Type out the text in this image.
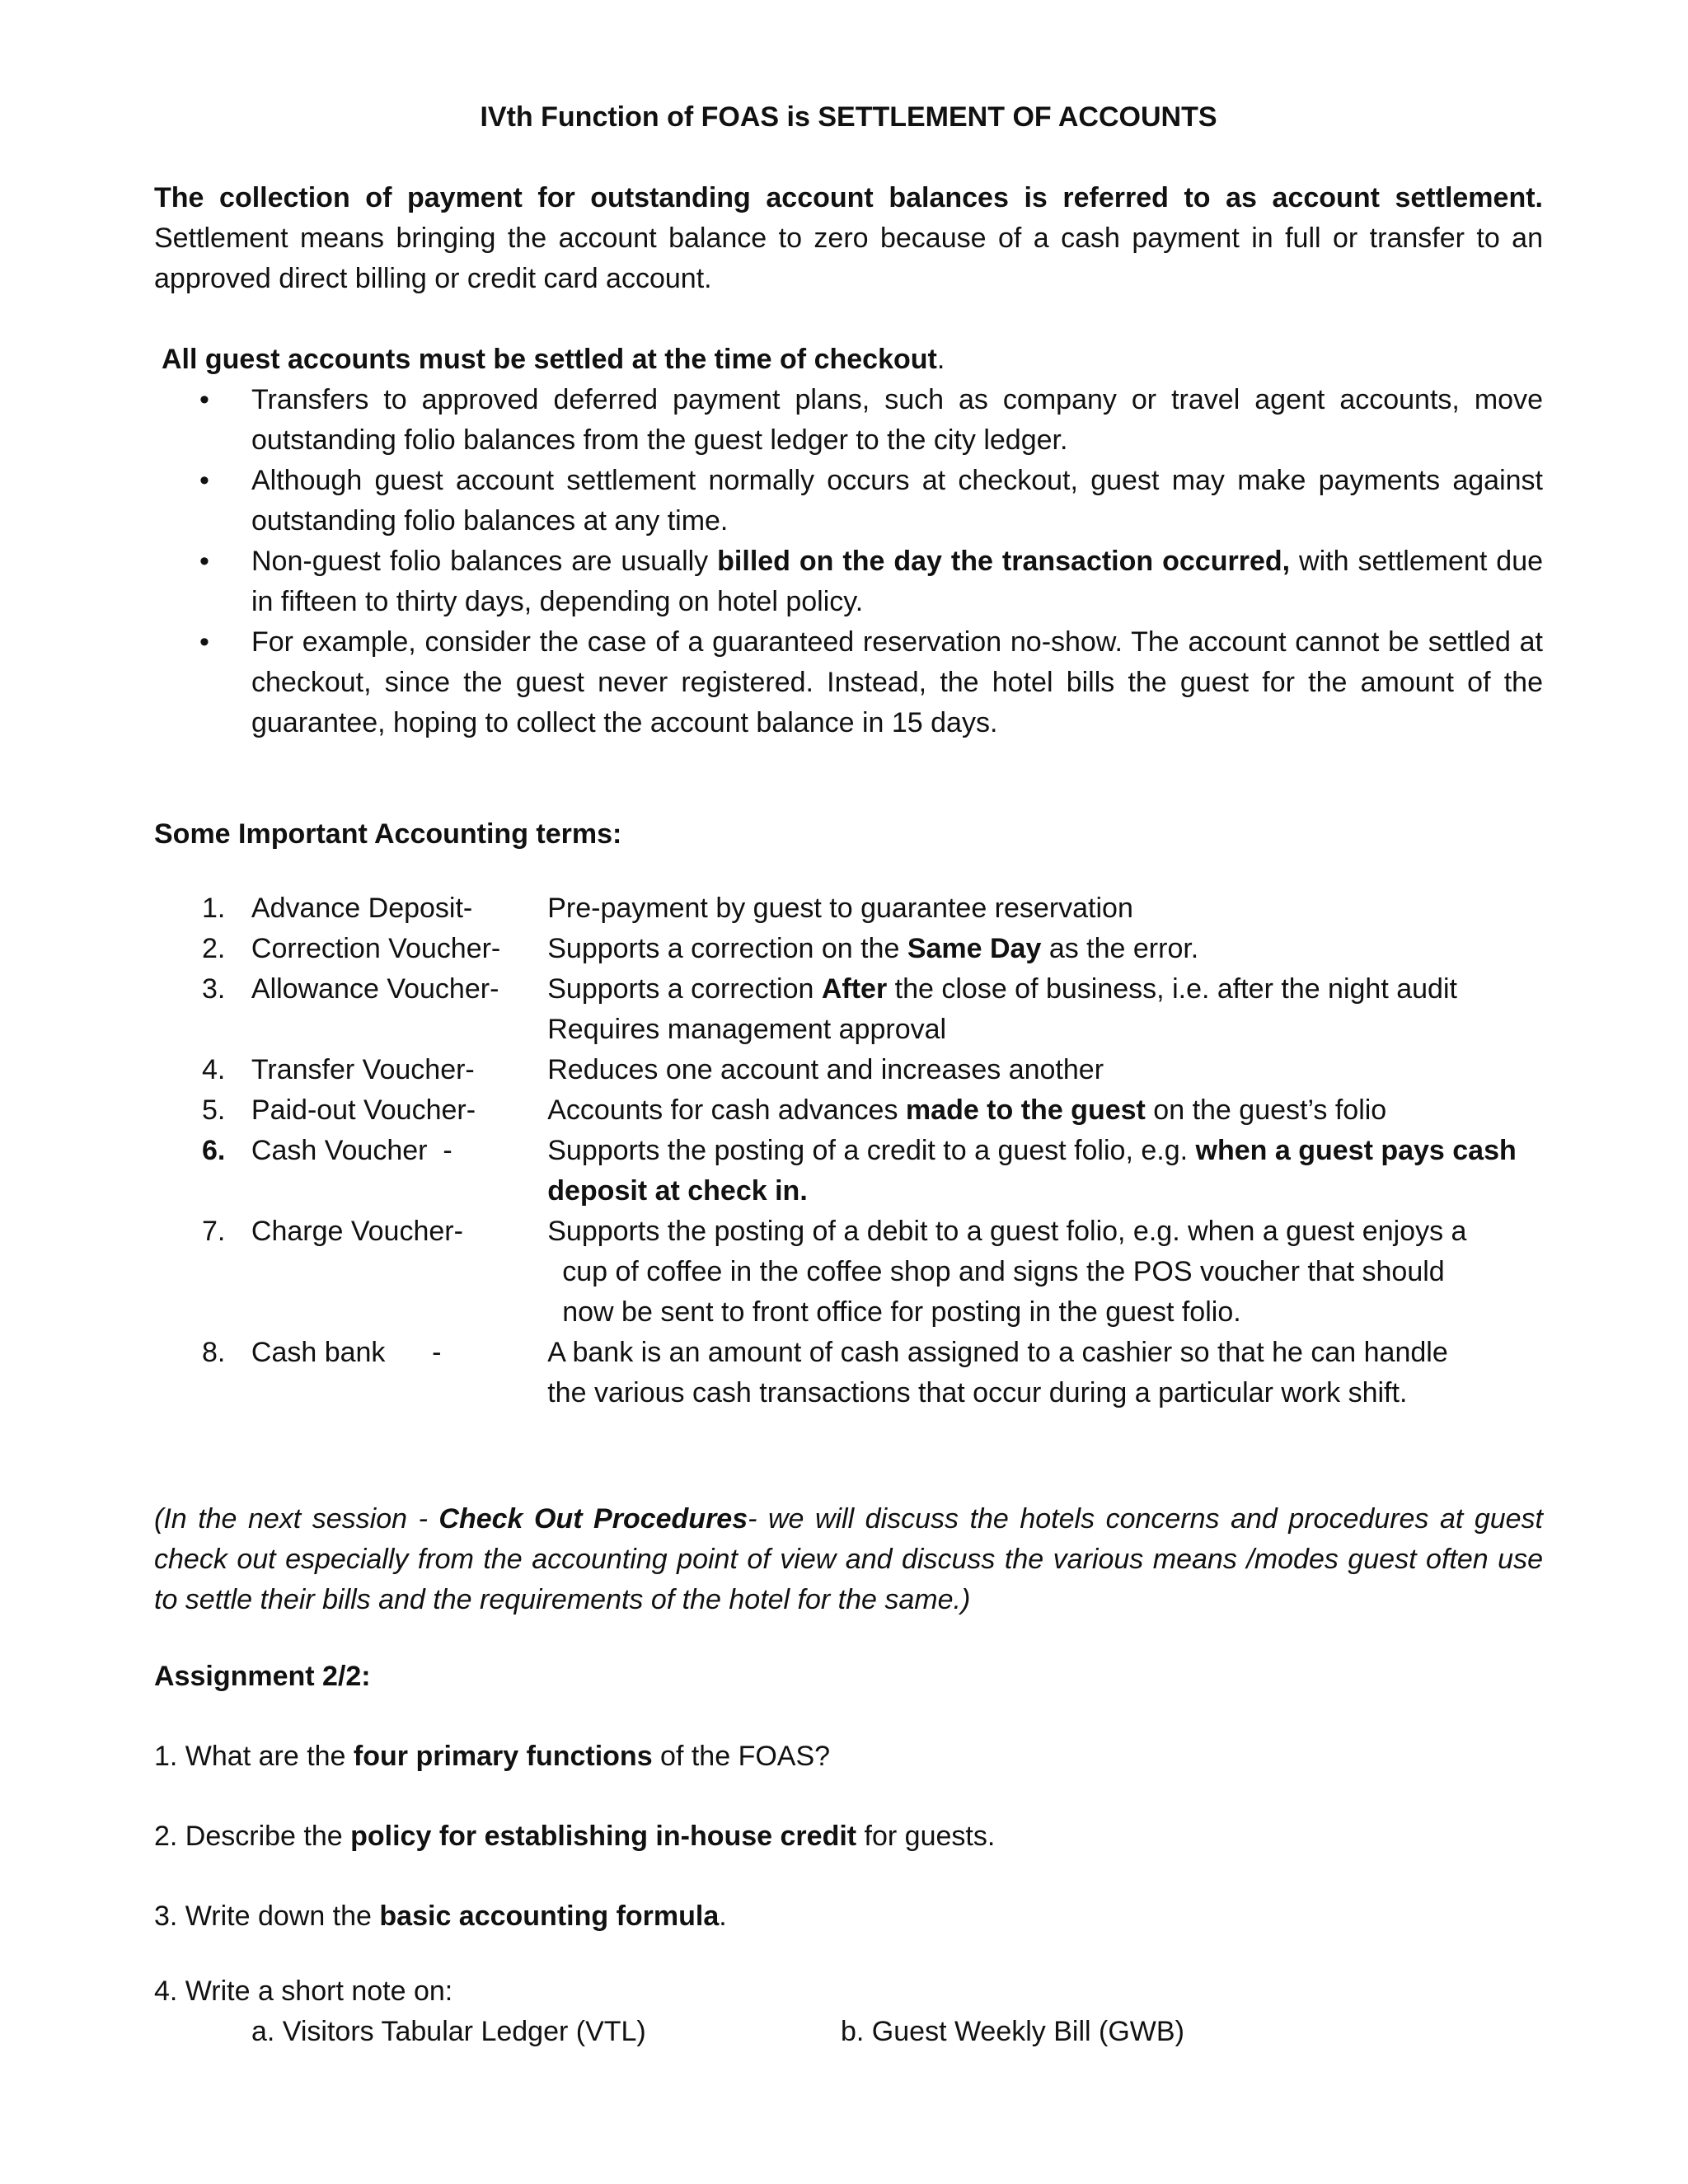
IVth Function of FOAS is SETTLEMENT OF ACCOUNTS

The collection of payment for outstanding account balances is referred to as account settlement. Settlement means bringing the account balance to zero because of a cash payment in full or transfer to an approved direct billing or credit card account.

All guest accounts must be settled at the time of checkout.

• Transfers to approved deferred payment plans, such as company or travel agent accounts, move outstanding folio balances from the guest ledger to the city ledger.
• Although guest account settlement normally occurs at checkout, guest may make payments against outstanding folio balances at any time.
• Non-guest folio balances are usually billed on the day the transaction occurred, with settlement due in fifteen to thirty days, depending on hotel policy.
• For example, consider the case of a guaranteed reservation no-show. The account cannot be settled at checkout, since the guest never registered. Instead, the hotel bills the guest for the amount of the guarantee, hoping to collect the account balance in 15 days.

Some Important Accounting terms:

1. Advance Deposit-	Pre-payment by guest to guarantee reservation
2. Correction Voucher-	Supports a correction on the Same Day as the error.
3. Allowance Voucher-	Supports a correction After the close of business, i.e. after the night audit
Requires management approval
4. Transfer Voucher-	Reduces one account and increases another
5. Paid-out Voucher-	Accounts for cash advances made to the guest on the guest’s folio
6. Cash Voucher  -	Supports the posting of a credit to a guest folio, e.g. when a guest pays cash deposit at check in.
7. Charge Voucher-	Supports the posting of a debit to a guest folio, e.g. when a guest enjoys a
cup of coffee in the coffee shop and signs the POS voucher that should
now be sent to front office for posting in the guest folio.
8. Cash bank      -	A bank is an amount of cash assigned to a cashier so that he can handle
the various cash transactions that occur during a particular work shift.

(In the next session - Check Out Procedures- we will discuss the hotels concerns and procedures at guest check out especially from the accounting point of view and discuss the various means /modes guest often use to settle their bills and the requirements of the hotel for the same.)

Assignment 2/2:

1. What are the four primary functions of the FOAS?

2. Describe the policy for establishing in-house credit for guests.

3. Write down the basic accounting formula.

4. Write a short note on:

a. Visitors Tabular Ledger (VTL)	b. Guest Weekly Bill (GWB)
